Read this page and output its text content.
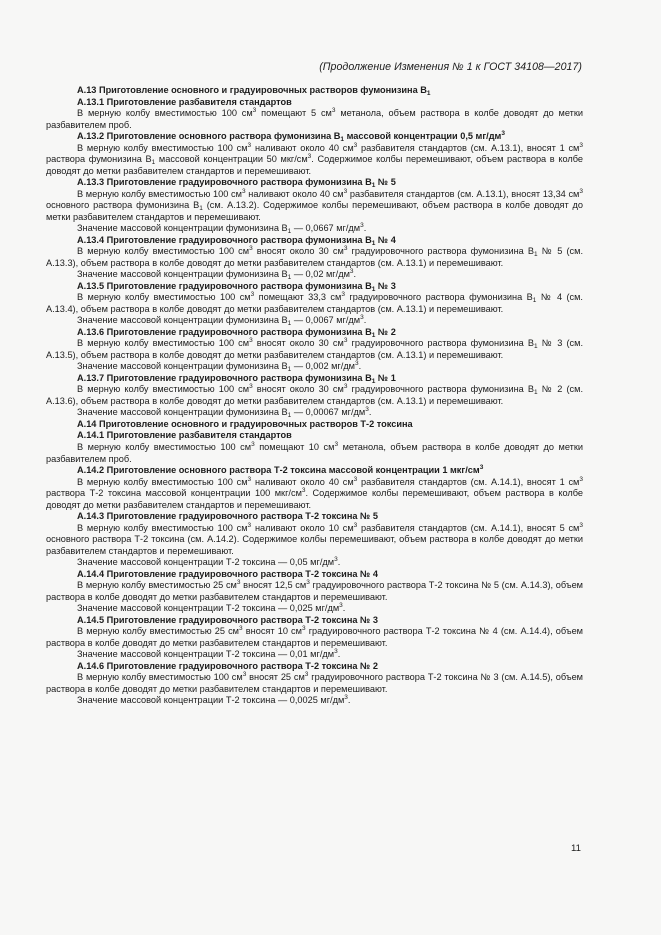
(Продолжение Изменения № 1 к ГОСТ 34108—2017)
А.13 Приготовление основного и градуировочных растворов фумонизина $В_1$
А.13.1 Приготовление разбавителя стандартов
В мерную колбу вместимостью 100 $см^3$ помещают 5 $см^3$ метанола, объем раствора в колбе доводят до метки разбавителем проб.
А.13.2 Приготовление основного раствора фумонизина $В_1$ массовой концентрации 0,5 $мг/дм^3$
В мерную колбу вместимостью 100 $см^3$ наливают около 40 $см^3$ разбавителя стандартов (см. А.13.1), вносят 1 $см^3$ раствора фумонизина $В_1$ массовой концентрации 50 мкг/$см^3$. Содержимое колбы перемешивают, объем раствора в колбе доводят до метки разбавителем стандартов и перемешивают.
А.13.3 Приготовление градуировочного раствора фумонизина $В_1$ № 5
В мерную колбу вместимостью 100 $см^3$ наливают около 40 $см^3$ разбавителя стандартов (см. А.13.1), вносят 13,34 $см^3$ основного раствора фумонизина $В_1$ (см. А.13.2). Содержимое колбы перемешивают, объем раствора в колбе доводят до метки разбавителем стандартов и перемешивают.
Значение массовой концентрации фумонизина $В_1$ — 0,0667 $мг/дм^3$.
А.13.4 Приготовление градуировочного раствора фумонизина $В_1$ № 4
В мерную колбу вместимостью 100 $см^3$ вносят около 30 $см^3$ градуировочного раствора фумонизина $В_1$ № 5 (см. А.13.3), объем раствора в колбе доводят до метки разбавителем стандартов (см. А.13.1) и перемешивают.
Значение массовой концентрации фумонизина $В_1$ — 0,02 $мг/дм^3$.
А.13.5 Приготовление градуировочного раствора фумонизина $В_1$ № 3
В мерную колбу вместимостью 100 $см^3$ помещают 33,3 $см^3$ градуировочного раствора фумонизина $В_1$ № 4 (см. А.13.4), объем раствора в колбе доводят до метки разбавителем стандартов (см. А.13.1) и перемешивают.
Значение массовой концентрации фумонизина $В_1$ — 0,0067 $мг/дм^3$.
А.13.6 Приготовление градуировочного раствора фумонизина $В_1$ № 2
В мерную колбу вместимостью 100 $см^3$ вносят около 30 $см^3$ градуировочного раствора фумонизина $В_1$ № 3 (см. А.13.5), объем раствора в колбе доводят до метки разбавителем стандартов (см. А.13.1) и перемешивают.
Значение массовой концентрации фумонизина $В_1$ — 0,002 $мг/дм^3$.
А.13.7 Приготовление градуировочного раствора фумонизина $В_1$ № 1
В мерную колбу вместимостью 100 $см^3$ вносят около 30 $см^3$ градуировочного раствора фумонизина $В_1$ № 2 (см. А.13.6), объем раствора в колбе доводят до метки разбавителем стандартов (см. А.13.1) и перемешивают.
Значение массовой концентрации фумонизина $В_1$ — 0,00067 $мг/дм^3$.
А.14 Приготовление основного и градуировочных растворов Т-2 токсина
А.14.1 Приготовление разбавителя стандартов
В мерную колбу вместимостью 100 $см^3$ помещают 10 $см^3$ метанола, объем раствора в колбе доводят до метки разбавителем проб.
А.14.2 Приготовление основного раствора Т-2 токсина массовой концентрации 1 мкг/$см^3$
В мерную колбу вместимостью 100 $см^3$ наливают около 40 $см^3$ разбавителя стандартов (см. А.14.1), вносят 1 $см^3$ раствора Т-2 токсина массовой концентрации 100 мкг/$см^3$. Содержимое колбы перемешивают, объем раствора в колбе доводят до метки разбавителем стандартов и перемешивают.
А.14.3 Приготовление градуировочного раствора Т-2 токсина № 5
В мерную колбу вместимостью 100 $см^3$ наливают около 10 $см^3$ разбавителя стандартов (см. А.14.1), вносят 5 $см^3$ основного раствора Т-2 токсина (см. А.14.2). Содержимое колбы перемешивают, объем раствора в колбе доводят до метки разбавителем стандартов и перемешивают.
Значение массовой концентрации Т-2 токсина — 0,05 $мг/дм^3$.
А.14.4 Приготовление градуировочного раствора Т-2 токсина № 4
В мерную колбу вместимостью 25 $см^3$ вносят 12,5 $см^3$ градуировочного раствора Т-2 токсина № 5 (см. А.14.3), объем раствора в колбе доводят до метки разбавителем стандартов и перемешивают.
Значение массовой концентрации Т-2 токсина — 0,025 $мг/дм^3$.
А.14.5 Приготовление градуировочного раствора Т-2 токсина № 3
В мерную колбу вместимостью 25 $см^3$ вносят 10 $см^3$ градуировочного раствора Т-2 токсина № 4 (см. А.14.4), объем раствора в колбе доводят до метки разбавителем стандартов и перемешивают.
Значение массовой концентрации Т-2 токсина — 0,01 $мг/дм^3$.
А.14.6 Приготовление градуировочного раствора Т-2 токсина № 2
В мерную колбу вместимостью 100 $см^3$ вносят 25 $см^3$ градуировочного раствора Т-2 токсина № 3 (см. А.14.5), объем раствора в колбе доводят до метки разбавителем стандартов и перемешивают.
Значение массовой концентрации Т-2 токсина — 0,0025 $мг/дм^3$.
11
